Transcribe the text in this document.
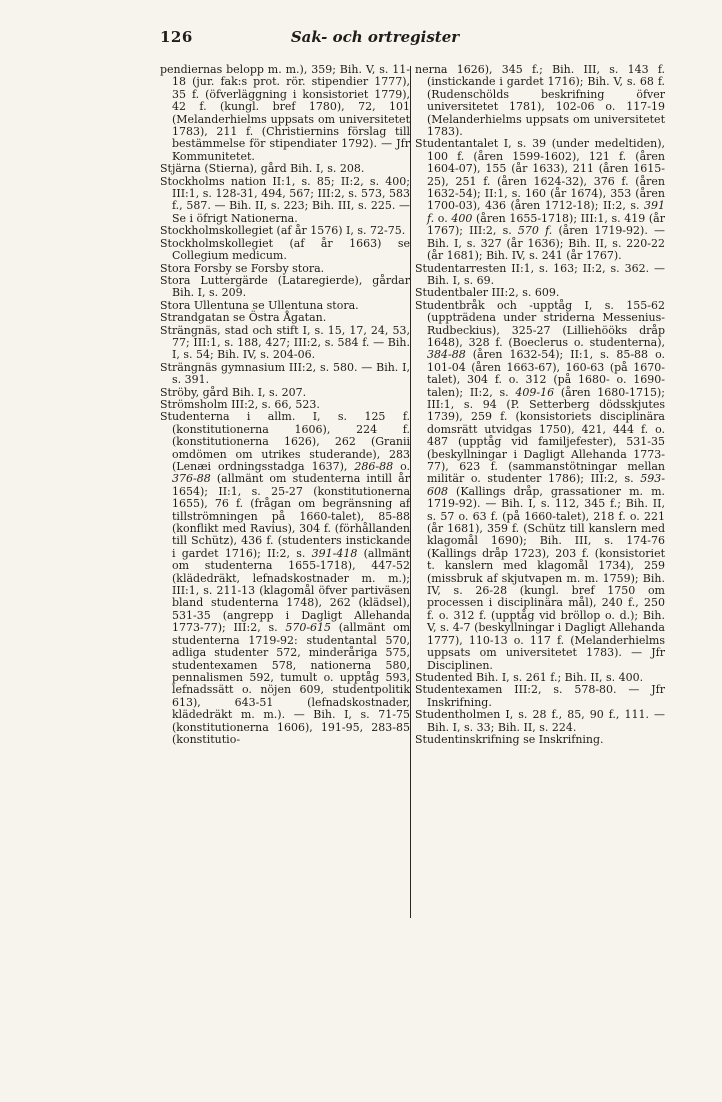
126	Sak- och ortregister

pendiernas belopp m. m.), 359; Bih. V, s. 11-18 (jur. fak:s prot. rör. stipendier 1777), 35 f. (öfverläggning i konsistoriet 1779), 42 f. (kungl. bref 1780), 72, 101 (Melanderhielms uppsats om universitetet 1783), 211 f. (Christiernins förslag till bestämmelse för stipendiater 1792). — Jfr Kommunitetet.

Stjärna (Stierna), gård Bih. I, s. 208.

Stockholms nation II:1, s. 85; II:2, s. 400; III:1, s. 128-31, 494, 567; III:2, s. 573, 583 f., 587. — Bih. II, s. 223; Bih. III, s. 225. — Se i öfrigt Nationerna.

Stockholmskollegiet (af år 1576) I, s. 72-75.

Stockholmskollegiet (af år 1663) se Collegium medicum.

Stora Forsby se Forsby stora.

Stora Luttergärde (Lataregierde), gårdar Bih. I, s. 209.

Stora Ullentuna se Ullentuna stora.

Strandgatan se Östra Ågatan.

Strängnäs, stad och stift I, s. 15, 17, 24, 53, 77; III:1, s. 188, 427; III:2, s. 584 f. — Bih. I, s. 54; Bih. IV, s. 204-06.

Strängnäs gymnasium III:2, s. 580. — Bih. I, s. 391.

Ströby, gård Bih. I, s. 207.

Strömsholm III:2, s. 66, 523.

Studenterna i allm. I, s. 125 f. (konstitutionerna 1606), 224 f. (konstitutionerna 1626), 262 (Granii omdömen om utrikes studerande), 283 (Lenæi ordningsstadga 1637), 286-88 o. 376-88 (allmänt om studenterna intill år 1654); II:1, s. 25-27 (konstitutionerna 1655), 76 f. (frågan om begränsning af tillströmningen på 1660-talet), 85-88 (konflikt med Ravius), 304 f. (förhållanden till Schütz), 436 f. (studenters instickande i gardet 1716); II:2, s. 391-418 (allmänt om studenterna 1655-1718), 447-52 (klädedräkt, lefnadskostnader m. m.); III:1, s. 211-13 (klagomål öfver partiväsen bland studenterna 1748), 262 (klädsel), 531-35 (angrepp i Dagligt Allehanda 1773-77); III:2, s. 570-615 (allmänt om studenterna 1719-92: studentantal 570, adliga studenter 572, minderåriga 575, studentexamen 578, nationerna 580, pennalismen 592, tumult o. upptåg 593, lefnadssätt o. nöjen 609, studentpolitik 613), 643-51 (lefnadskostnader, klädedräkt m. m.). — Bih. I, s. 71-75 (konstitutionerna 1606), 191-95, 283-85 (konstitutio-

nerna 1626), 345 f.; Bih. III, s. 143 f. (instickande i gardet 1716); Bih. V, s. 68 f. (Rudenschölds beskrifning öfver universitetet 1781), 102-06 o. 117-19 (Melanderhielms uppsats om universitetet 1783).

Studentantalet I, s. 39 (under medeltiden), 100 f. (åren 1599-1602), 121 f. (åren 1604-07), 155 (år 1633), 211 (åren 1615-25), 251 f. (åren 1624-32), 376 f. (åren 1632-54); II:1, s. 160 (år 1674), 353 (åren 1700-03), 436 (åren 1712-18); II:2, s. 391 f. o. 400 (åren 1655-1718); III:1, s. 419 (år 1767); III:2, s. 570 f. (åren 1719-92). — Bih. I, s. 327 (år 1636); Bih. II, s. 220-22 (år 1681); Bih. IV, s. 241 (år 1767).

Studentarresten II:1, s. 163; II:2, s. 362. — Bih. I, s. 69.

Studentbaler III:2, s. 609.

Studentbråk och -upptåg I, s. 155-62 (uppträdena under striderna Messenius-Rudbeckius), 325-27 (Lilliehööks dråp 1648), 328 f. (Boeclerus o. studenterna), 384-88 (åren 1632-54); II:1, s. 85-88 o. 101-04 (åren 1663-67), 160-63 (på 1670-talet), 304 f. o. 312 (på 1680- o. 1690-talen); II:2, s. 409-16 (åren 1680-1715); III:1, s. 94 (P. Setterberg dödsskjutes 1739), 259 f. (konsistoriets disciplinära domsrätt utvidgas 1750), 421, 444 f. o. 487 (upptåg vid familjefester), 531-35 (beskyllningar i Dagligt Allehanda 1773-77), 623 f. (sammanstötningar mellan militär o. studenter 1786); III:2, s. 593-608 (Kallings dråp, grassationer m. m. 1719-92). — Bih. I, s. 112, 345 f.; Bih. II, s. 57 o. 63 f. (på 1660-talet), 218 f. o. 221 (år 1681), 359 f. (Schütz till kanslern med klagomål 1690); Bih. III, s. 174-76 (Kallings dråp 1723), 203 f. (konsistoriet t. kanslern med klagomål 1734), 259 (missbruk af skjutvapen m. m. 1759); Bih. IV, s. 26-28 (kungl. bref 1750 om processen i disciplinära mål), 240 f., 250 f. o. 312 f. (upptåg vid bröllop o. d.); Bih. V, s. 4-7 (beskyllningar i Dagligt Allehanda 1777), 110-13 o. 117 f. (Melanderhielms uppsats om universitetet 1783). — Jfr Disciplinen.

Studented Bih. I, s. 261 f.; Bih. II, s. 400.

Studentexamen III:2, s. 578-80. — Jfr Inskrifning.

Studentholmen I, s. 28 f., 85, 90 f., 111. — Bih. I, s. 33; Bih. II, s. 224.

Studentinskrifning se Inskrifning.
